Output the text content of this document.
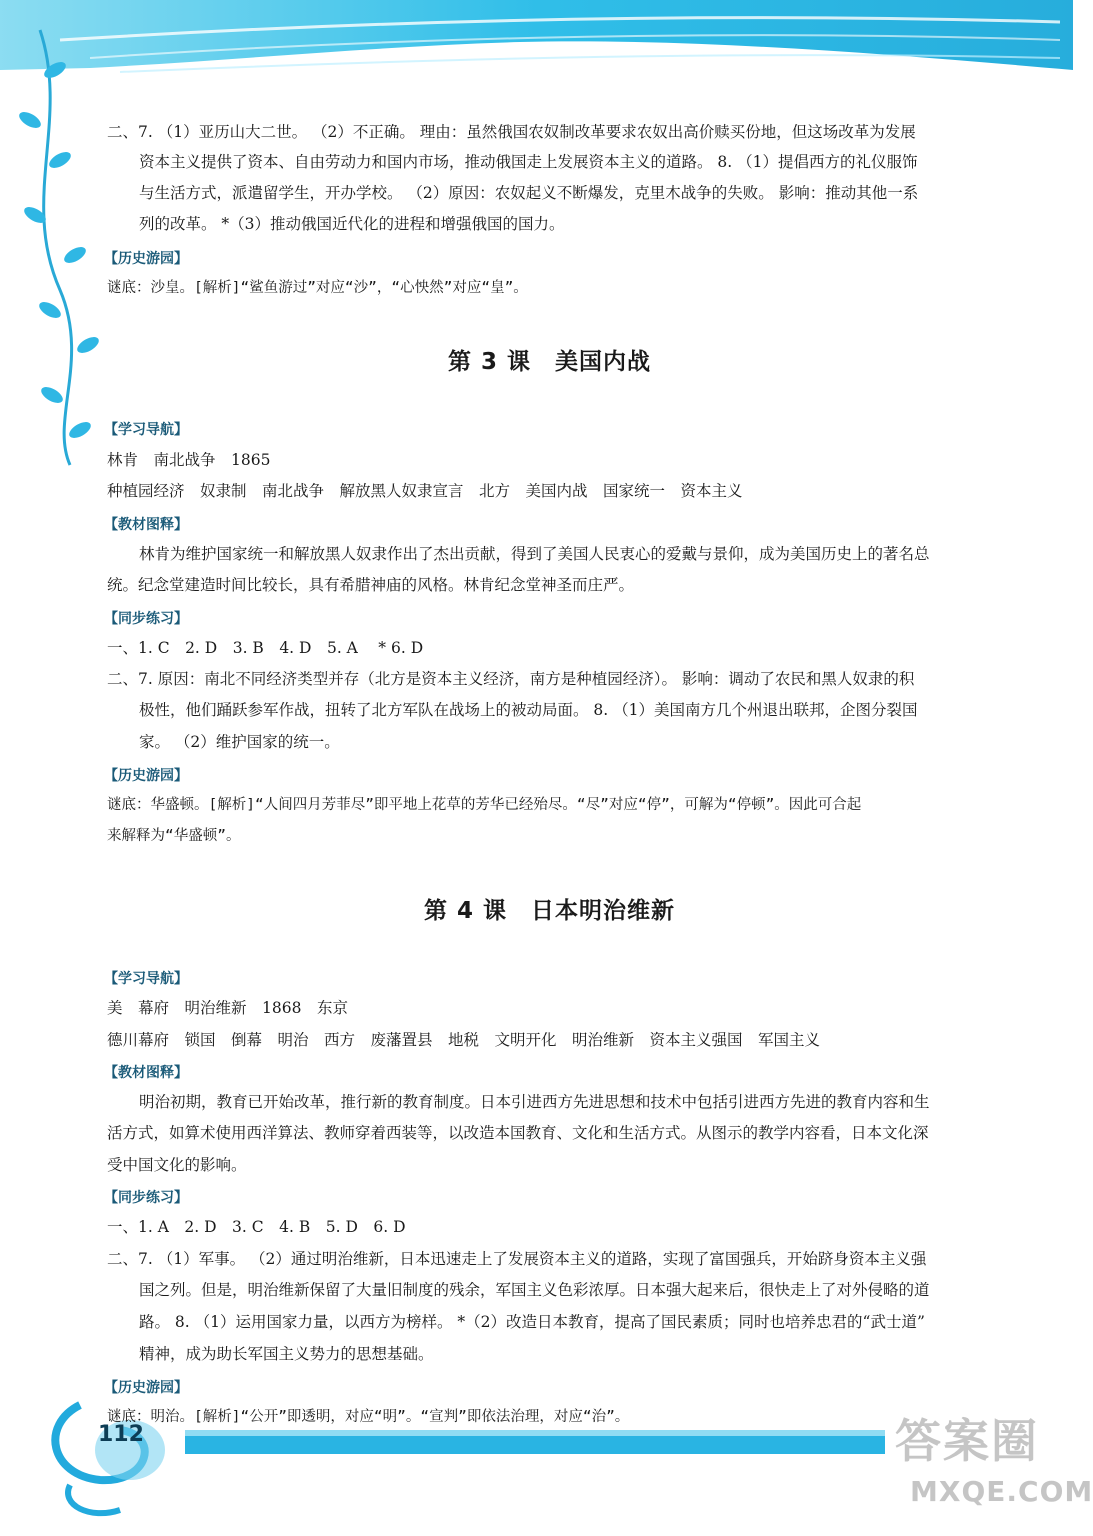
112	答案圈
MXQE.COM
二、7. （1）亚历山大二世。 （2）不正确。 理由：虽然俄国农奴制改革要求农奴出高价赎买份地，但这场改革为发展
资本主义提供了资本、自由劳动力和国内市场，推动俄国走上发展资本主义的道路。 8. （1）提倡西方的礼仪服饰
与生活方式，派遣留学生，开办学校。 （2）原因：农奴起义不断爆发，克里木战争的失败。 影响：推动其他一系
列的改革。 *（3）推动俄国近代化的进程和增强俄国的国力。
【历史游园】
谜底：沙皇。[解析]“鲨鱼游过”对应“沙”，“心怏然”对应“皇”。
第 3 课　美国内战
【学习导航】
林肯　南北战争　1865
种植园经济　奴隶制　南北战争　解放黑人奴隶宣言　北方　美国内战　国家统一　资本主义
【教材图释】
林肯为维护国家统一和解放黑人奴隶作出了杰出贡献，得到了美国人民衷心的爱戴与景仰，成为美国历史上的著名总
统。纪念堂建造时间比较长，具有希腊神庙的风格。林肯纪念堂神圣而庄严。
【同步练习】
一、1. C　2. D　3. B　4. D　5. A　 * 6. D
二、7. 原因：南北不同经济类型并存（北方是资本主义经济，南方是种植园经济）。 影响：调动了农民和黑人奴隶的积
极性，他们踊跃参军作战，扭转了北方军队在战场上的被动局面。 8. （1）美国南方几个州退出联邦，企图分裂国
家。 （2）维护国家的统一。
【历史游园】
谜底：华盛顿。[解析]“人间四月芳菲尽”即平地上花草的芳华已经殆尽。“尽”对应“停”，可解为“停顿”。因此可合起
来解释为“华盛顿”。
第 4 课　日本明治维新
【学习导航】
美　幕府　明治维新　1868　东京
德川幕府　锁国　倒幕　明治　西方　废藩置县　地税　文明开化　明治维新　资本主义强国　军国主义
【教材图释】
明治初期，教育已开始改革，推行新的教育制度。日本引进西方先进思想和技术中包括引进西方先进的教育内容和生
活方式，如算术使用西洋算法、教师穿着西装等，以改造本国教育、文化和生活方式。从图示的教学内容看，日本文化深
受中国文化的影响。
【同步练习】
一、1. A　2. D　3. C　4. B　5. D　6. D
二、7. （1）军事。 （2）通过明治维新，日本迅速走上了发展资本主义的道路，实现了富国强兵，开始跻身资本主义强
国之列。但是，明治维新保留了大量旧制度的残余，军国主义色彩浓厚。日本强大起来后，很快走上了对外侵略的道
路。 8. （1）运用国家力量，以西方为榜样。 *（2）改造日本教育，提高了国民素质；同时也培养忠君的“武士道”
精神，成为助长军国主义势力的思想基础。
【历史游园】
谜底：明治。[解析]“公开”即透明，对应“明”。“宣判”即依法治理，对应“治”。
